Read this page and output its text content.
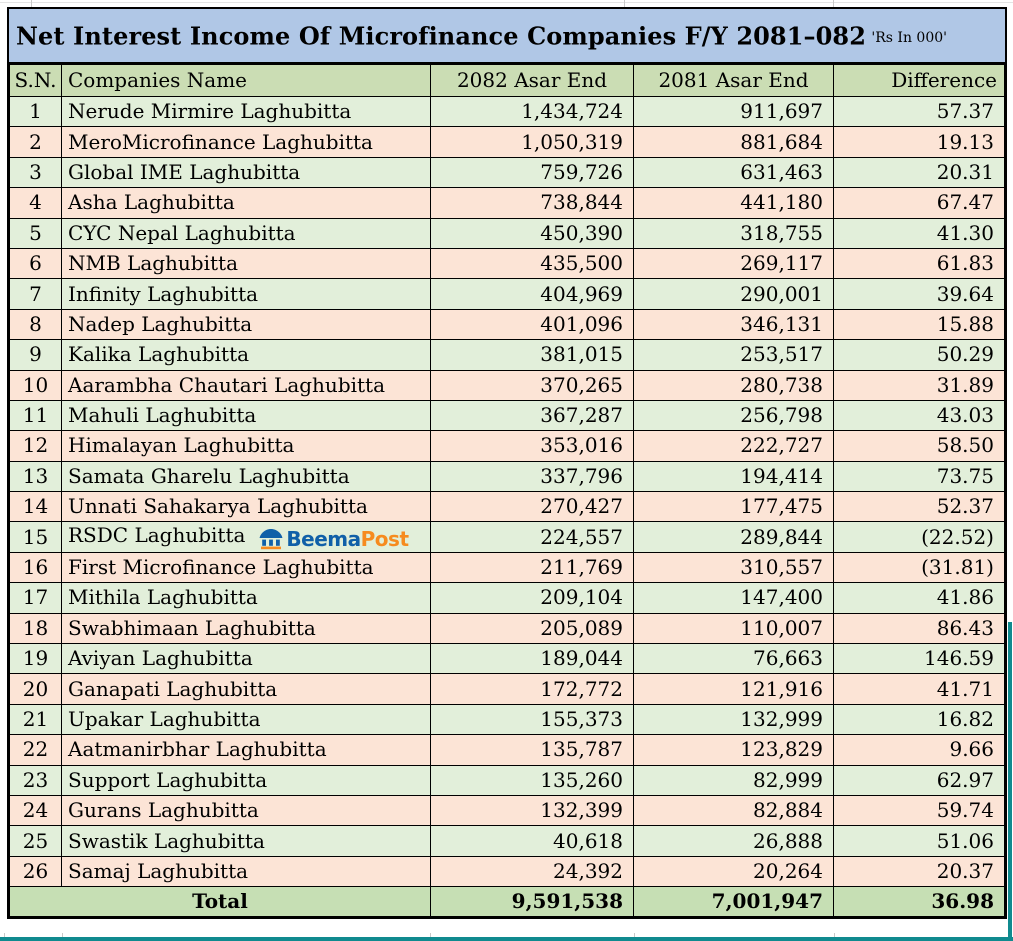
Net Interest Income Of Microfinance Companies F/Y 2081–082 'Rs In 000'
S.N.	Companies Name	2082 Asar End	2081 Asar End	Difference
1	Nerude Mirmire Laghubitta	1,434,724	911,697	57.37
2	MeroMicrofinance Laghubitta	1,050,319	881,684	19.13
3	Global IME Laghubitta	759,726	631,463	20.31
4	Asha Laghubitta	738,844	441,180	67.47
5	CYC Nepal Laghubitta	450,390	318,755	41.30
6	NMB Laghubitta	435,500	269,117	61.83
7	Infinity Laghubitta	404,969	290,001	39.64
8	Nadep Laghubitta	401,096	346,131	15.88
9	Kalika Laghubitta	381,015	253,517	50.29
10	Aarambha Chautari Laghubitta	370,265	280,738	31.89
11	Mahuli Laghubitta	367,287	256,798	43.03
12	Himalayan Laghubitta	353,016	222,727	58.50
13	Samata Gharelu Laghubitta	337,796	194,414	73.75
14	Unnati Sahakarya Laghubitta	270,427	177,475	52.37
15	RSDC Laghubitta BeemaPost	224,557	289,844	(22.52)
16	First Microfinance Laghubitta	211,769	310,557	(31.81)
17	Mithila Laghubitta	209,104	147,400	41.86
18	Swabhimaan Laghubitta	205,089	110,007	86.43
19	Aviyan Laghubitta	189,044	76,663	146.59
20	Ganapati Laghubitta	172,772	121,916	41.71
21	Upakar Laghubitta	155,373	132,999	16.82
22	Aatmanirbhar Laghubitta	135,787	123,829	9.66
23	Support Laghubitta	135,260	82,999	62.97
24	Gurans Laghubitta	132,399	82,884	59.74
25	Swastik Laghubitta	40,618	26,888	51.06
26	Samaj Laghubitta	24,392	20,264	20.37
Total		9,591,538	7,001,947	36.98
